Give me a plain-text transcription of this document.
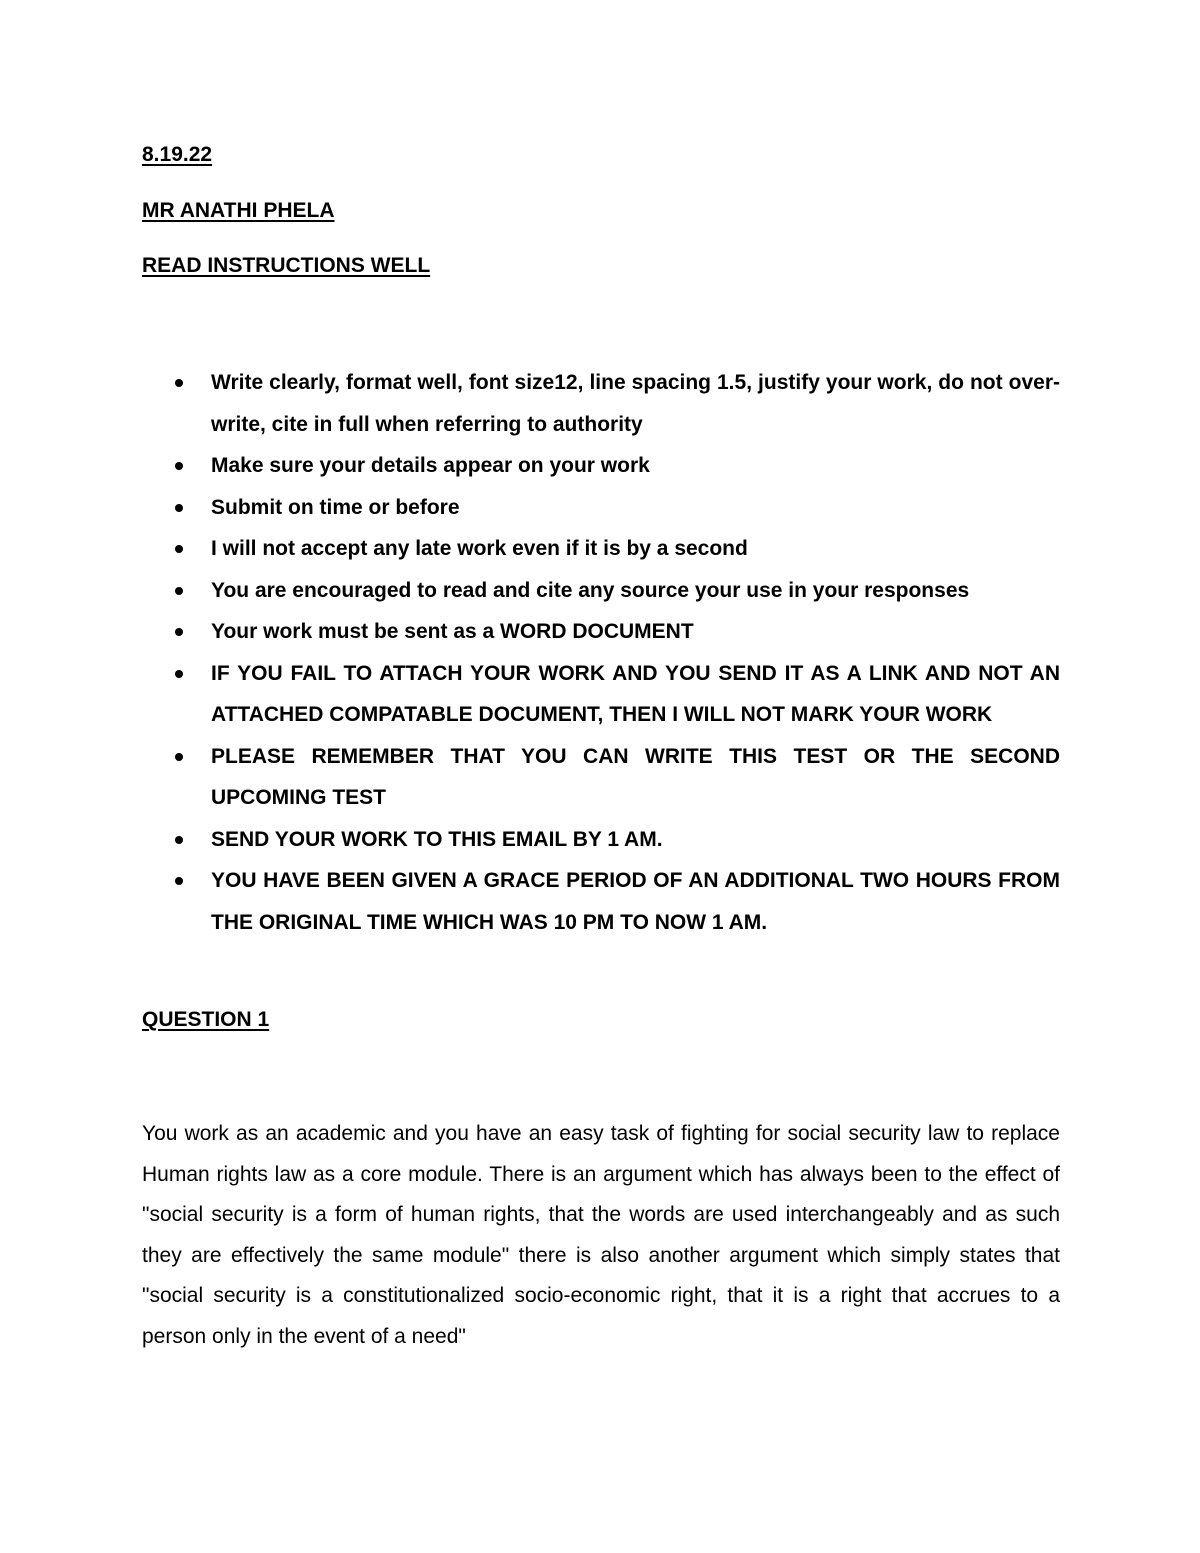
8.19.22

MR ANATHI PHELA

READ INSTRUCTIONS WELL

Write clearly, format well, font size12, line spacing 1.5, justify your work, do not over-write, cite in full when referring to authority
Make sure your details appear on your work
Submit on time or before
I will not accept any late work even if it is by a second
You are encouraged to read and cite any source your use in your responses
Your work must be sent as a WORD DOCUMENT
IF YOU FAIL TO ATTACH YOUR WORK AND YOU SEND IT AS A LINK AND NOT AN ATTACHED COMPATABLE DOCUMENT, THEN I WILL NOT MARK YOUR WORK
PLEASE REMEMBER THAT YOU CAN WRITE THIS TEST OR THE SECOND UPCOMING TEST
SEND YOUR WORK TO THIS EMAIL BY 1 AM.
YOU HAVE BEEN GIVEN A GRACE PERIOD OF AN ADDITIONAL TWO HOURS FROM THE ORIGINAL TIME WHICH WAS 10 PM TO NOW 1 AM.

QUESTION 1

You work as an academic and you have an easy task of fighting for social security law to replace Human rights law as a core module. There is an argument which has always been to the effect of "social security is a form of human rights, that the words are used interchangeably and as such they are effectively the same module" there is also another argument which simply states that "social security is a constitutionalized socio-economic right, that it is a right that accrues to a person only in the event of a need"
